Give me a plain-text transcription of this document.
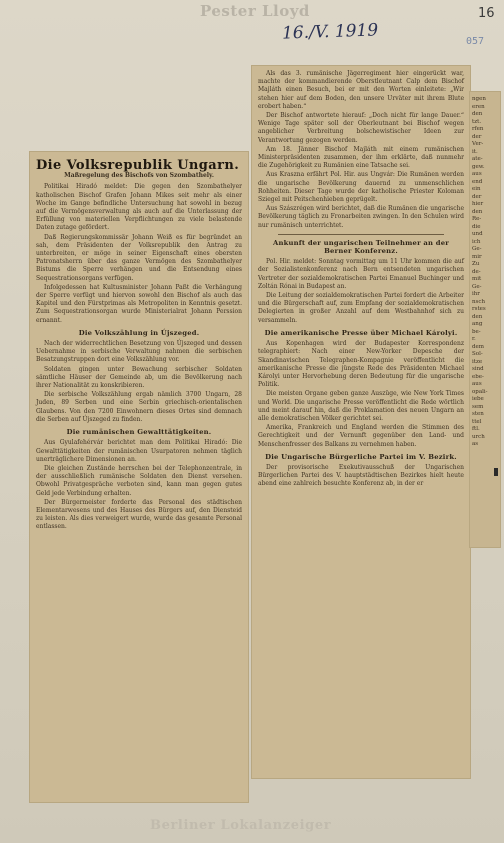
Pester Lloyd
16./V. 1919
16
057
Die Volksrepublik Ungarn.
Maßregelung des Bischofs von Szombathely.
Politikai Hiradó meldet: Die gegen den Szombathelyer katholischen Bischof Grafen Johann Mikes seit mehr als einer Woche im Gange befindliche Untersuchung hat sowohl in bezug auf die Vermögensverwaltung als auch auf die Unterlassung der Erfüllung von materiellen Verpflichtungen zu viele belastende Daten zutage gefördert.
Daß Regierungskommissär Johann Weiß es für begründet an sah, dem Präsidenten der Volksrepublik den Antrag zu unterbreiten, er möge in seiner Eigenschaft eines obersten Patronatsherrn über das ganze Vermögen des Szombathelyer Bistums die Sperre verhängen und die Entsendung eines Sequestrationsorgans verfügen.
Infolgedessen hat Kultusminister Johann Paßt die Verhängung der Sperre verfügt und hiervon sowohl den Bischof als auch das Kapitel und den Fürstprimas als Metropoliten in Kenntnis gesetzt. Zum Sequestrationsorgan wurde Ministerialrat Johann Perssion ernannt.
Die Volkszählung in Újszeged.
Nach der widerrechtlichen Besetzung von Újszeged und dessen Uebernahme in serbische Verwaltung nahmen die serbischen Besatzungstruppen dort eine Volkszählung vor.
Soldaten gingen unter Bewachung serbischer Soldaten sämtliche Häuser der Gemeinde ab, um die Bevölkerung nach ihrer Nationalität zu konskribieren.
Die serbische Volkszählung ergab nämlich 3700 Ungarn, 28 Juden, 89 Serben und eine Serbin griechisch-orientalischen Glaubens. Von den 7200 Einwohnern dieses Ortes sind demnach die Serben auf Újszeged zu finden.
Die rumänischen Gewalttätigkeiten.
Aus Gyulafehérvár berichtet man dem Politikai Hiradó: Die Gewalttätigkeiten der rumänischen Usurpatoren nehmen täglich unerträglichere Dimensionen an.
Die gleichen Zustände herrschen bei der Telephonzentrale, in der ausschließlich rumänische Soldaten den Dienst versehen. Obwohl Privatgespräche verboten sind, kann man gegen gutes Geld jede Verbindung erhalten.
Der Bürgermeister forderte das Personal des städtischen Elementarwesens und des Hauses des Bürgers auf, den Diensteid zu leisten. Als dies verweigert wurde, wurde das gesamte Personal entlassen.
Als das 3. rumänische Jägerregiment hier eingerückt war, machte der kommandierende Oberstleutnant Calp dem Bischof Majláth einen Besuch, bei er mit den Worten einleitete: „Wir stehen hier auf dem Boden, den unsere Urväter mit ihrem Blute erobert haben.“
Der Bischof antwortete hierauf: „Doch nicht für lange Dauer.“ Wenige Tage später soll der Oberleutnant bei Bischof wegen angeblicher Verbreitung bolschewistischer Ideen zur Verantwortung gezogen werden.
Am 18. Jänner Bischof Majláth mit einem rumänischen Ministerpräsidenten zusammen, der ihm erklärte, daß nunmehr die Zugehörigkeit zu Rumänien eine Tatsache sei.
Aus Kraszna erfährt Pol. Hir. aus Ungvár: Die Rumänen werden die ungarische Bevölkerung dauernd zu unmenschlichen Rohheiten. Dieser Tage wurde der katholische Priester Koloman Sziegel mit Peitschenhieben geprügelt.
Aus Szászrégen wird berichtet, daß die Rumänen die ungarische Bevölkerung täglich zu Fronarbeiten zwingen. In den Schulen wird nur rumänisch unterrichtet.
Ankunft der ungarischen Teilnehmer an der Berner Konferenz.
Pol. Hir. meldet: Sonntag vormittag um 11 Uhr kommen die auf der Sozialistenkonferenz nach Bern entsendeten ungarischen Vertreter der sozialdemokratischen Partei Emanuel Buchinger und Zoltán Rónai in Budapest an.
Die Leitung der sozialdemokratischen Partei fordert die Arbeiter und die Bürgerschaft auf, zum Empfang der sozialdemokratischen Delegierten in großer Anzahl auf dem Westbahnhof sich zu versammeln.
Die amerikanische Presse über Michael Károlyi.
Aus Kopenhagen wird der Budapester Korrespondenz telegraphiert: Nach einer New-Yorker Depesche der Skandinavischen Telegraphen-Kompagnie veröffentlicht die amerikanische Presse die jüngste Rede des Präsidenten Michael Károlyi unter Hervorhebung deren Bedeutung für die ungarische Politik.
Die meisten Organe geben ganze Auszüge, wie New York Times und World. Die ungarische Presse veröffentlicht die Rede wörtlich und meint darauf hin, daß die Proklamation des neuen Ungarn an alle demokratischen Völker gerichtet sei.
Amerika, Frankreich und England werden die Stimmen des Gerechtigkeit und der Vernunft gegenüber den Land- und Menschenfresser des Balkans zu vernehmen haben.
Die Ungarische Bürgerliche Partei im V. Bezirk.
Der provisorische Exekutivausschuß der Ungarischen Bürgerlichen Partei des V. hauptstädtischen Bezirkes hielt heute abend eine zahlreich besuchte Konferenz ab, in der er
ngen
eren
den
tzt.
rfen
der
Ver-
it.
ate-
gew.
aus
end
ein
der
hier
den
Re-
die
und
ich
Ge-
mir
Zu
de-
mit
Ge-
ihr
nsch
rstes
den
ang
be-
r.
dem
Sol-
itze
sind
ebe-
aus
opali-
iebe
sem
sten
ttel
ftl.
urch
as
Berliner Lokalanzeiger
